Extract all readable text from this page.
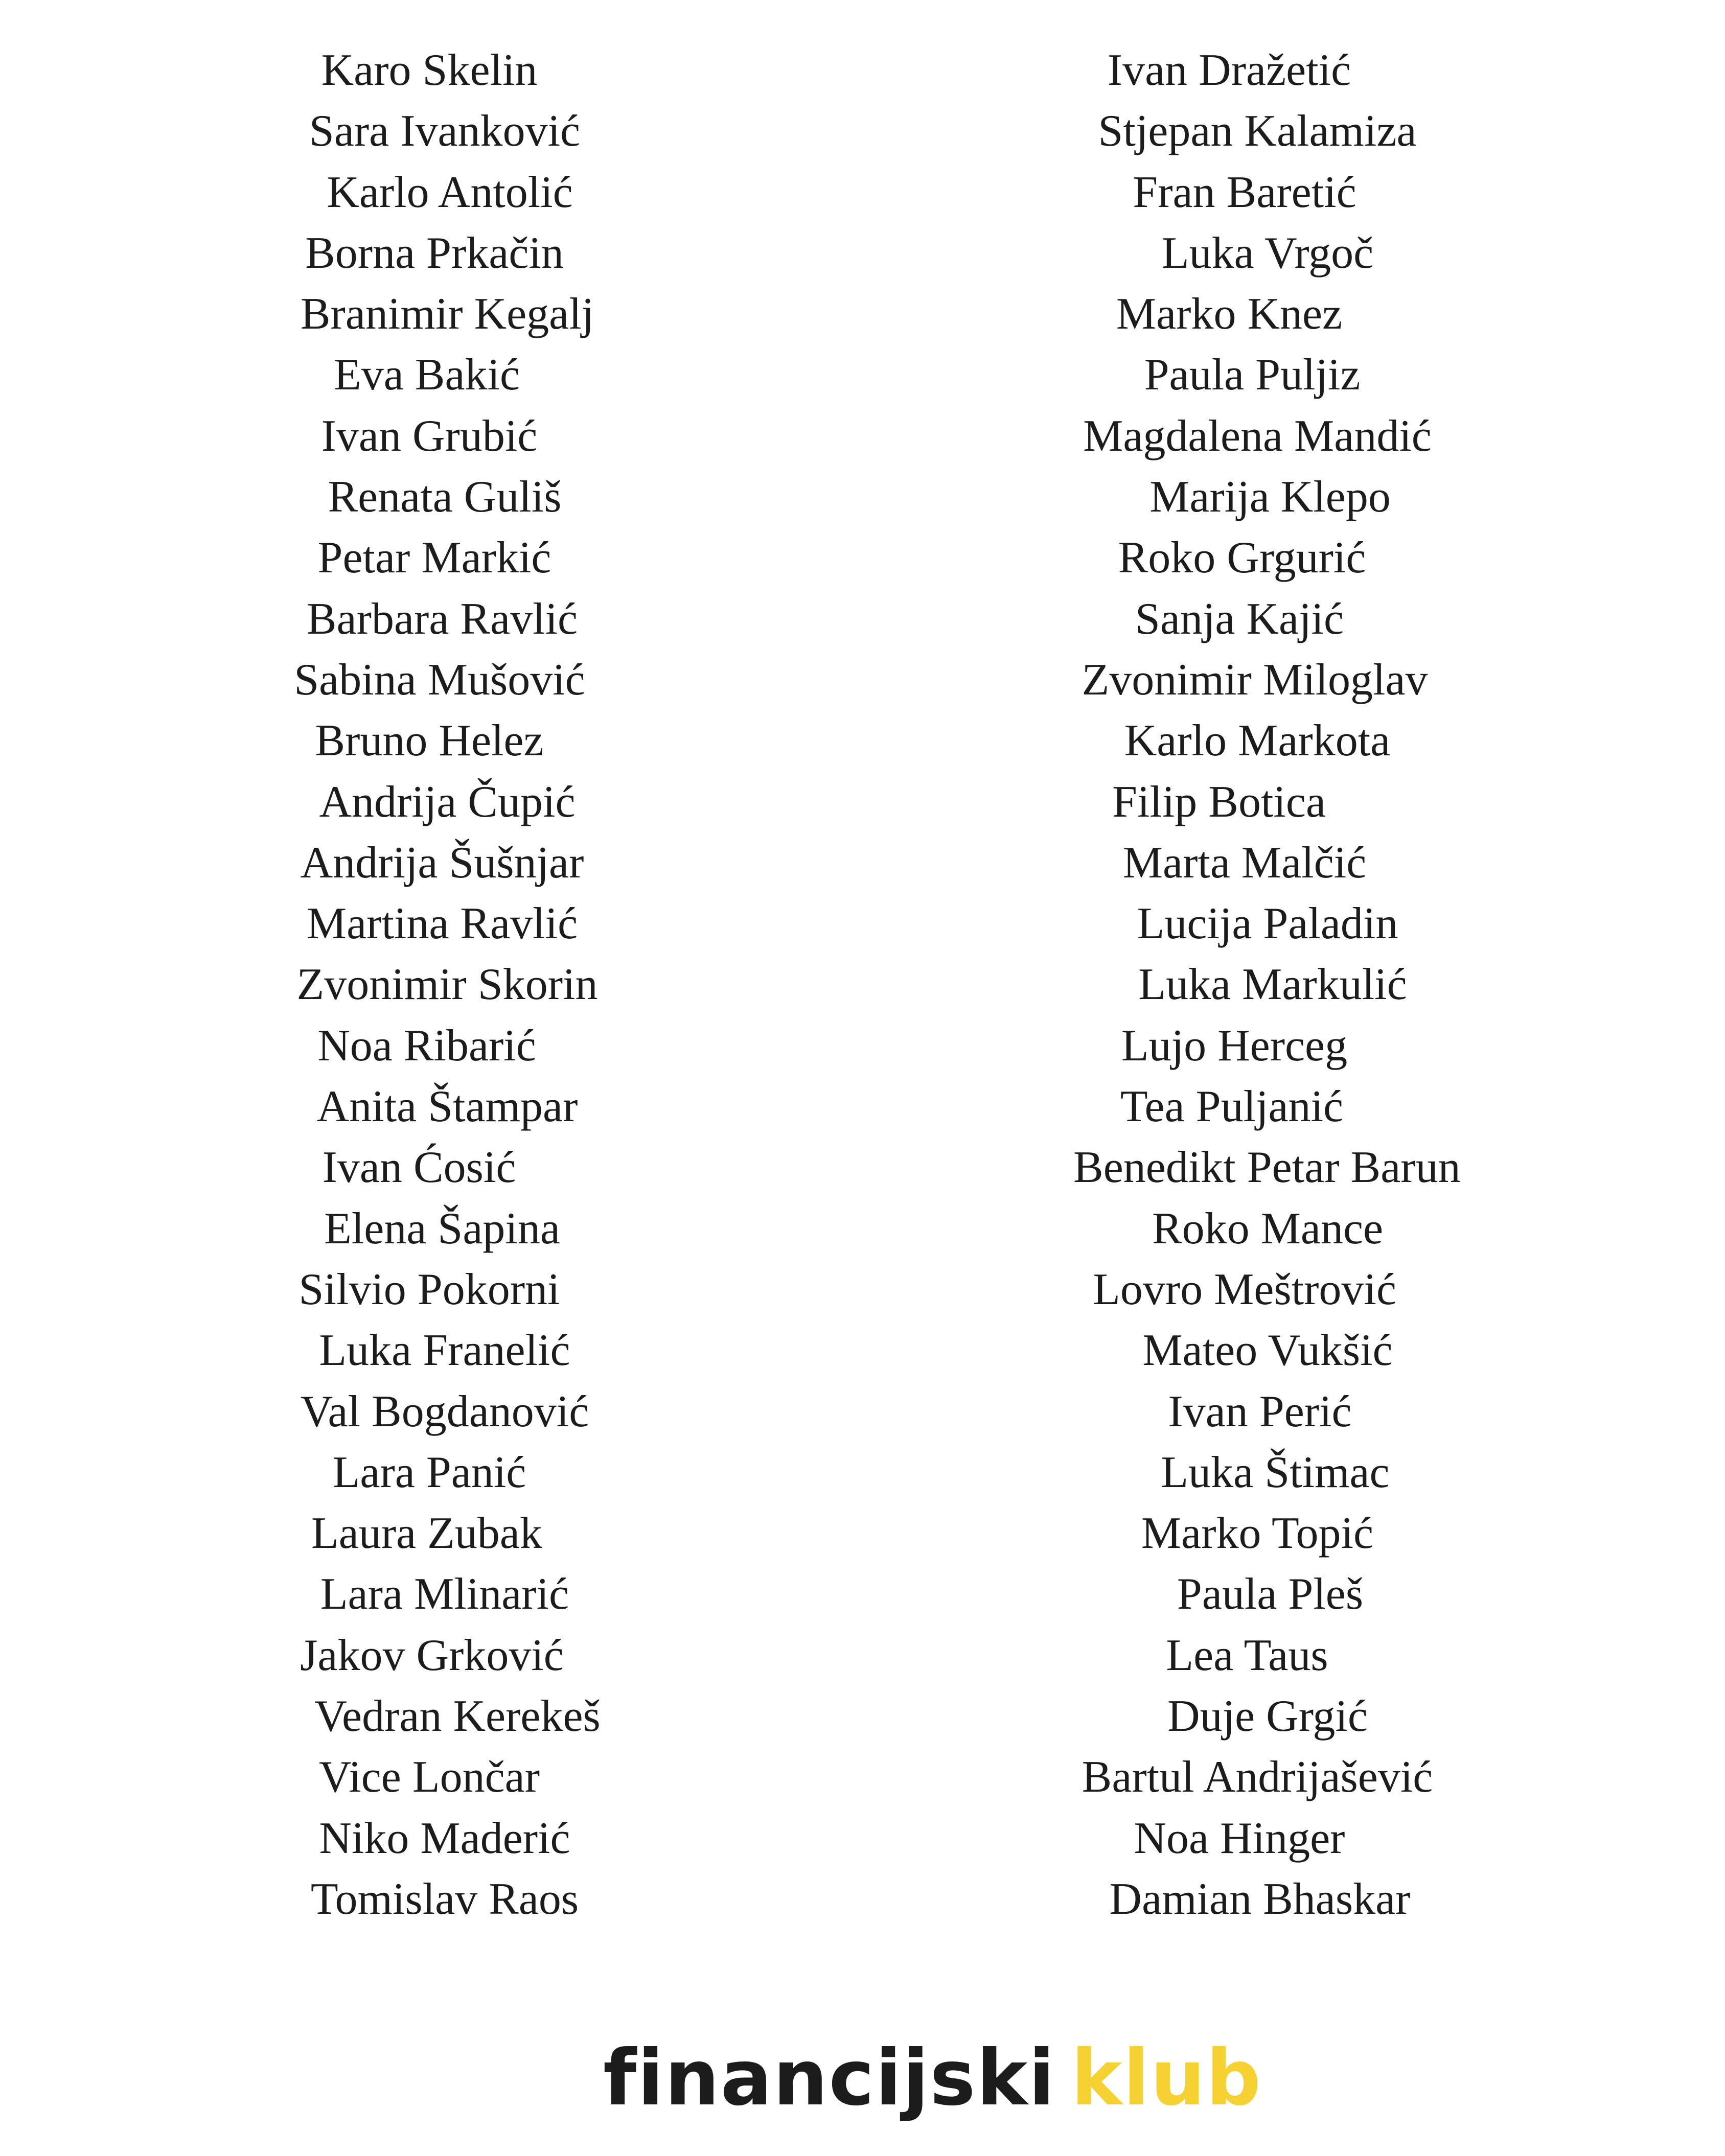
Karo Skelin
Sara Ivanković
Karlo Antolić
Borna Prkačin
Branimir Kegalj
Eva Bakić
Ivan Grubić
Renata Gulіš
Petar Markić
Barbara Ravlić
Sabina Mušović
Bruno Helez
Andrija Čupić
Andrija Šušnjar
Martina Ravlić
Zvonimir Skorin
Noa Ribarić
Anita Štampar
Ivan Ćosić
Elena Šapina
Silvio Pokorni
Luka Franelić
Val Bogdanović
Lara Panić
Laura Zubak
Lara Mlinarić
Jakov Grković
Vedran Kerekeš
Vice Lončar
Niko Maderić
Tomislav Raos
Ivan Dražetić
Stjepan Kalamiza
Fran Baretić
Luka Vrgoč
Marko Knez
Paula Puljiz
Magdalena Mandić
Marija Klepo
Roko Grgurić
Sanja Kajić
Zvonimir Miloglav
Karlo Markota
Filip Botica
Marta Malčić
Lucija Paladin
Luka Markulić
Lujo Herceg
Tea Puljanić
Benedikt Petar Barun
Roko Mance
Lovro Meštrović
Mateo Vukšić
Ivan Perić
Luka Štimac
Marko Topić
Paula Pleš
Lea Taus
Duje Grgić
Bartul Andrijašević
Noa Hinger
Damian Bhaskar
financijski klub
